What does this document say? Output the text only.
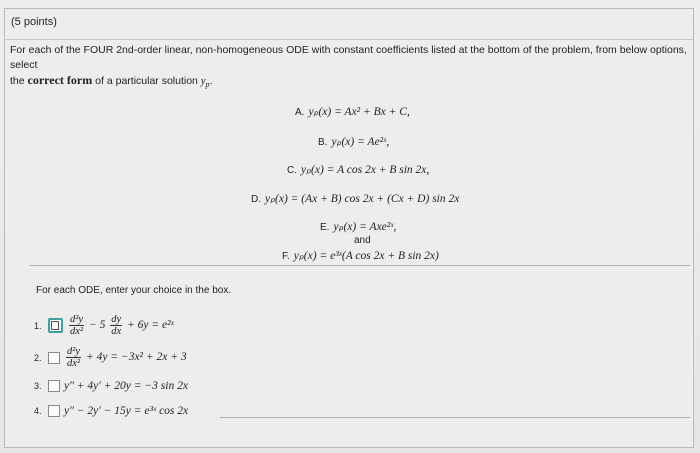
(5 points)
For each of the FOUR 2nd-order linear, non-homogeneous ODE with constant coefficients listed at the bottom of the problem, from below options, select
the correct form of a particular solution $y_p$.
A. yₚ(x) = Ax² + Bx + C,
B. yₚ(x) = Ae²ˣ,
C. yₚ(x) = A cos 2x + B sin 2x,
D. yₚ(x) = (Ax + B) cos 2x + (Cx + D) sin 2x
E. yₚ(x) = Axe²ˣ,
and
F. yₚ(x) = e³ˣ(A cos 2x + B sin 2x)
For each ODE, enter your choice in the box.
1.	$\frac{\text{d²y}}{\text{dx²}} - 5 \frac{dy}{dx} + 6y$ = e²ˣ
2.	$\frac{\text{d²y}}{\text{dx²}} + 4y = -3x^2 + 2x + 3$
3.	y″ + 4y′ + 20y = −3 sin 2x
4.	y″ − 2y′ − 15y = e³ˣ cos 2x
